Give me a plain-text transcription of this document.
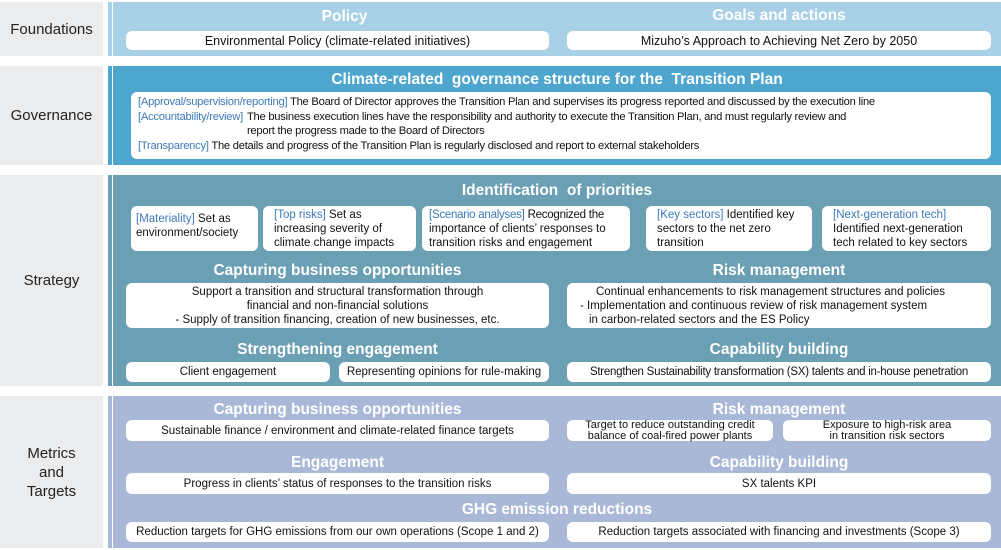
Foundations
Policy	Goals and actions
Environmental Policy (climate-related initiatives)	Mizuho’s Approach to Achieving Net Zero by 2050
Governance
Climate-related  governance structure for the  Transition Plan
[Approval/supervision/reporting] The Board of Director approves the Transition Plan and supervises its progress reported and discussed by the execution line
[Accountability/review] The business execution lines have the responsibility and authority to execute the Transition Plan, and must regularly review and
report the progress made to the Board of Directors
[Transparency] The details and progress of the Transition Plan is regularly disclosed and report to external stakeholders
Strategy
Identification  of priorities
[Materiality] Set as
environment/society
[Top risks] Set as
increasing severity of
climate change impacts
[Scenario analyses] Recognized the
importance of clients’ responses to
transition risks and engagement
[Key sectors] Identified key
sectors to the net zero
transition
[Next-generation tech]
Identified next-generation
tech related to key sectors
Capturing business opportunities	Risk management
Support a transition and structural transformation through
financial and non-financial solutions
- Supply of transition financing, creation of new businesses, etc.
Continual enhancements to risk management structures and policies
- Implementation and continuous review of risk management system
in carbon-related sectors and the ES Policy
Strengthening engagement	Capability building
Client engagement	Representing opinions for rule-making	Strengthen Sustainability transformation (SX) talents and in-house penetration
Metrics
and
Targets
Capturing business opportunities	Risk management
Sustainable finance / environment and climate-related finance targets	Target to reduce outstanding credit
balance of coal-fired power plants
Exposure to high-risk area
in transition risk sectors
Engagement	Capability building
Progress in clients’ status of responses to the transition risks	SX talents KPI
GHG emission reductions
Reduction targets for GHG emissions from our own operations (Scope 1 and 2)	Reduction targets associated with financing and investments (Scope 3)
